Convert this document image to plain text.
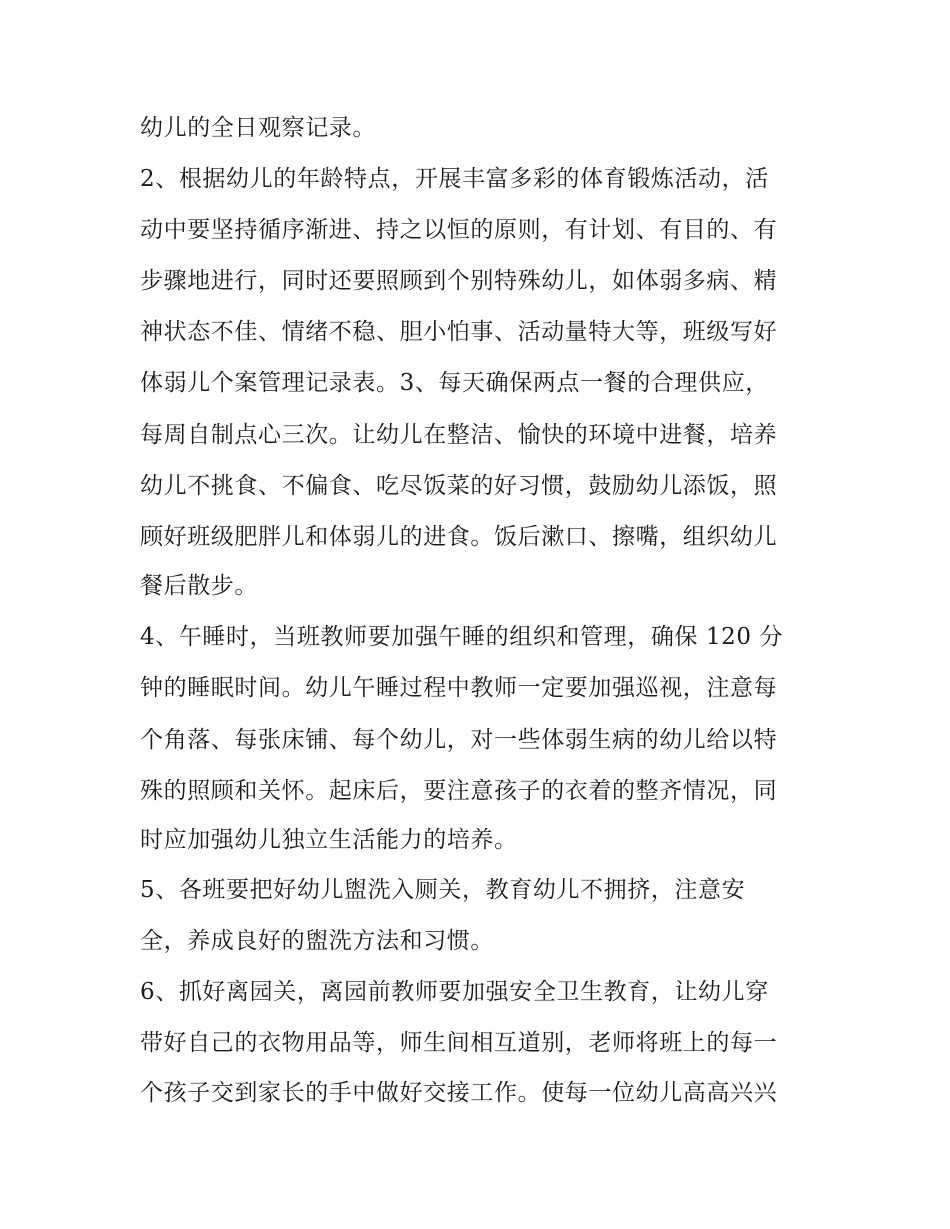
幼儿的全日观察记录。
2、根据幼儿的年龄特点，开展丰富多彩的体育锻炼活动，活
动中要坚持循序渐进、持之以恒的原则，有计划、有目的、有
步骤地进行，同时还要照顾到个别特殊幼儿，如体弱多病、精
神状态不佳、情绪不稳、胆小怕事、活动量特大等，班级写好
体弱儿个案管理记录表。3、每天确保两点一餐的合理供应，
每周自制点心三次。让幼儿在整洁、愉快的环境中进餐，培养
幼儿不挑食、不偏食、吃尽饭菜的好习惯，鼓励幼儿添饭，照
顾好班级肥胖儿和体弱儿的进食。饭后漱口、擦嘴，组织幼儿
餐后散步。
4、午睡时，当班教师要加强午睡的组织和管理，确保 120 分
钟的睡眠时间。幼儿午睡过程中教师一定要加强巡视，注意每
个角落、每张床铺、每个幼儿，对一些体弱生病的幼儿给以特
殊的照顾和关怀。起床后，要注意孩子的衣着的整齐情况，同
时应加强幼儿独立生活能力的培养。
5、各班要把好幼儿盥洗入厕关，教育幼儿不拥挤，注意安
全，养成良好的盥洗方法和习惯。
6、抓好离园关，离园前教师要加强安全卫生教育，让幼儿穿
带好自己的衣物用品等，师生间相互道别，老师将班上的每一
个孩子交到家长的手中做好交接工作。使每一位幼儿高高兴兴
